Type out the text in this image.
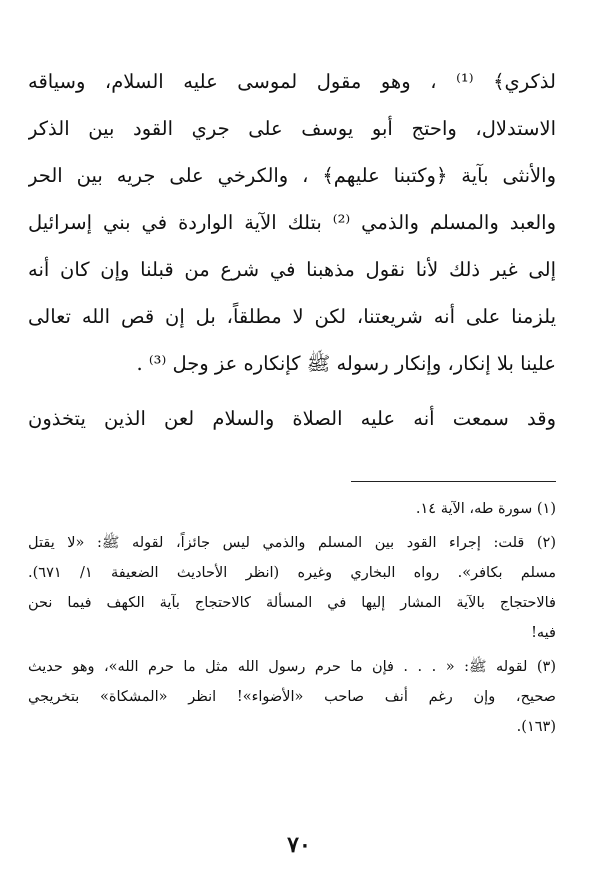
لذكري﴾ ⁽¹⁾ ، وهو مقول لموسى عليه السلام، وسياقه
الاستدلال، واحتج أبو يوسف على جري القود بين الذكر
والأنثى بآية ﴿وكتبنا عليهم﴾ ، والكرخي على جريه بين الحر
والعبد والمسلم والذمي ⁽²⁾ بتلك الآية الواردة في بني إسرائيل
إلى غير ذلك لأنا نقول مذهبنا في شرع من قبلنا وإن كان أنه
يلزمنا على أنه شريعتنا، لكن لا مطلقاً، بل إن قص الله تعالى
علينا بلا إنكار، وإنكار رسوله ﷺ كإنكاره عز وجل ⁽³⁾ .
وقد سمعت أنه عليه الصلاة والسلام لعن الذين يتخذون
(١) سورة طه، الآية ١٤.
(٢) قلت: إجراء القود بين المسلم والذمي ليس جائزاً، لقوله ﷺ: «لا يقتل
مسلم بكافر». رواه البخاري وغيره (انظر الأحاديث الضعيفة ١/ ٦٧١).
فالاحتجاج بالآية المشار إليها في المسألة كالاحتجاج بآية الكهف فيما نحن
فيه!
(٣) لقوله ﷺ: « . . . فإن ما حرم رسول الله مثل ما حرم الله»، وهو حديث
صحيح، وإن رغم أنف صاحب «الأضواء»! انظر «المشكاة» بتخريجي
(١٦٣).
٧٠
